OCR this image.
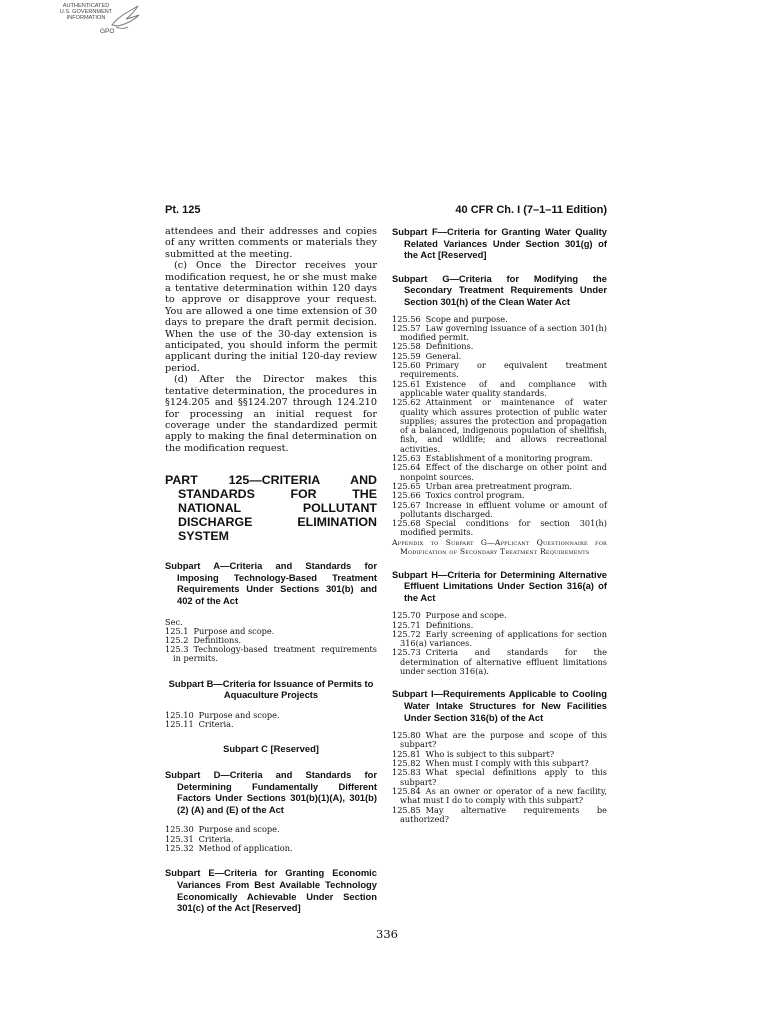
AUTHENTICATED
U.S. GOVERNMENT
INFORMATION
GPO
Pt. 125	40 CFR Ch. I (7–1–11 Edition)

attendees and their addresses and copies of any written comments or materials they submitted at the meeting.

(c) Once the Director receives your modification request, he or she must make a tentative determination within 120 days to approve or disapprove your request. You are allowed a one time extension of 30 days to prepare the draft permit decision. When the use of the 30-day extension is anticipated, you should inform the permit applicant during the initial 120-day review period.

(d) After the Director makes this tentative determination, the procedures in §124.205 and §§124.207 through 124.210 for processing an initial request for coverage under the standardized permit apply to making the final determination on the modification request.

PART 125—CRITERIA AND STANDARDS FOR THE NATIONAL POLLUTANT DISCHARGE ELIMINATION SYSTEM
Subpart A—Criteria and Standards for Imposing Technology-Based Treatment Requirements Under Sections 301(b) and 402 of the Act

Sec.

125.1 Purpose and scope.
125.2 Definitions.
125.3 Technology-based treatment requirements in permits.
Subpart B—Criteria for Issuance of Permits to Aquaculture Projects
125.10 Purpose and scope.
125.11 Criteria.
Subpart C [Reserved]
Subpart D—Criteria and Standards for Determining Fundamentally Different Factors Under Sections 301(b)(1)(A), 301(b)(2) (A) and (E) of the Act
125.30 Purpose and scope.
125.31 Criteria.
125.32 Method of application.
Subpart E—Criteria for Granting Economic Variances From Best Available Technology Economically Achievable Under Section 301(c) of the Act [Reserved]
Subpart F—Criteria for Granting Water Quality Related Variances Under Section 301(g) of the Act [Reserved]
Subpart G—Criteria for Modifying the Secondary Treatment Requirements Under Section 301(h) of the Clean Water Act
125.56 Scope and purpose.
125.57 Law governing issuance of a section 301(h) modified permit.
125.58 Definitions.
125.59 General.
125.60 Primary or equivalent treatment requirements.
125.61 Existence of and compliance with applicable water quality standards.
125.62 Attainment or maintenance of water quality which assures protection of public water supplies; assures the protection and propagation of a balanced, indigenous population of shellfish, fish, and wildlife; and allows recreational activities.
125.63 Establishment of a monitoring program.
125.64 Effect of the discharge on other point and nonpoint sources.
125.65 Urban area pretreatment program.
125.66 Toxics control program.
125.67 Increase in effluent volume or amount of pollutants discharged.
125.68 Special conditions for section 301(h) modified permits.
Appendix to Subpart G—Applicant Questionnaire for Modification of Secondary Treatment Requirements
Subpart H—Criteria for Determining Alternative Effluent Limitations Under Section 316(a) of the Act
125.70 Purpose and scope.
125.71 Definitions.
125.72 Early screening of applications for section 316(a) variances.
125.73 Criteria and standards for the determination of alternative effluent limitations under section 316(a).
Subpart I—Requirements Applicable to Cooling Water Intake Structures for New Facilities Under Section 316(b) of the Act
125.80 What are the purpose and scope of this subpart?
125.81 Who is subject to this subpart?
125.82 When must I comply with this subpart?
125.83 What special definitions apply to this subpart?
125.84 As an owner or operator of a new facility, what must I do to comply with this subpart?
125.85 May alternative requirements be authorized?
336
